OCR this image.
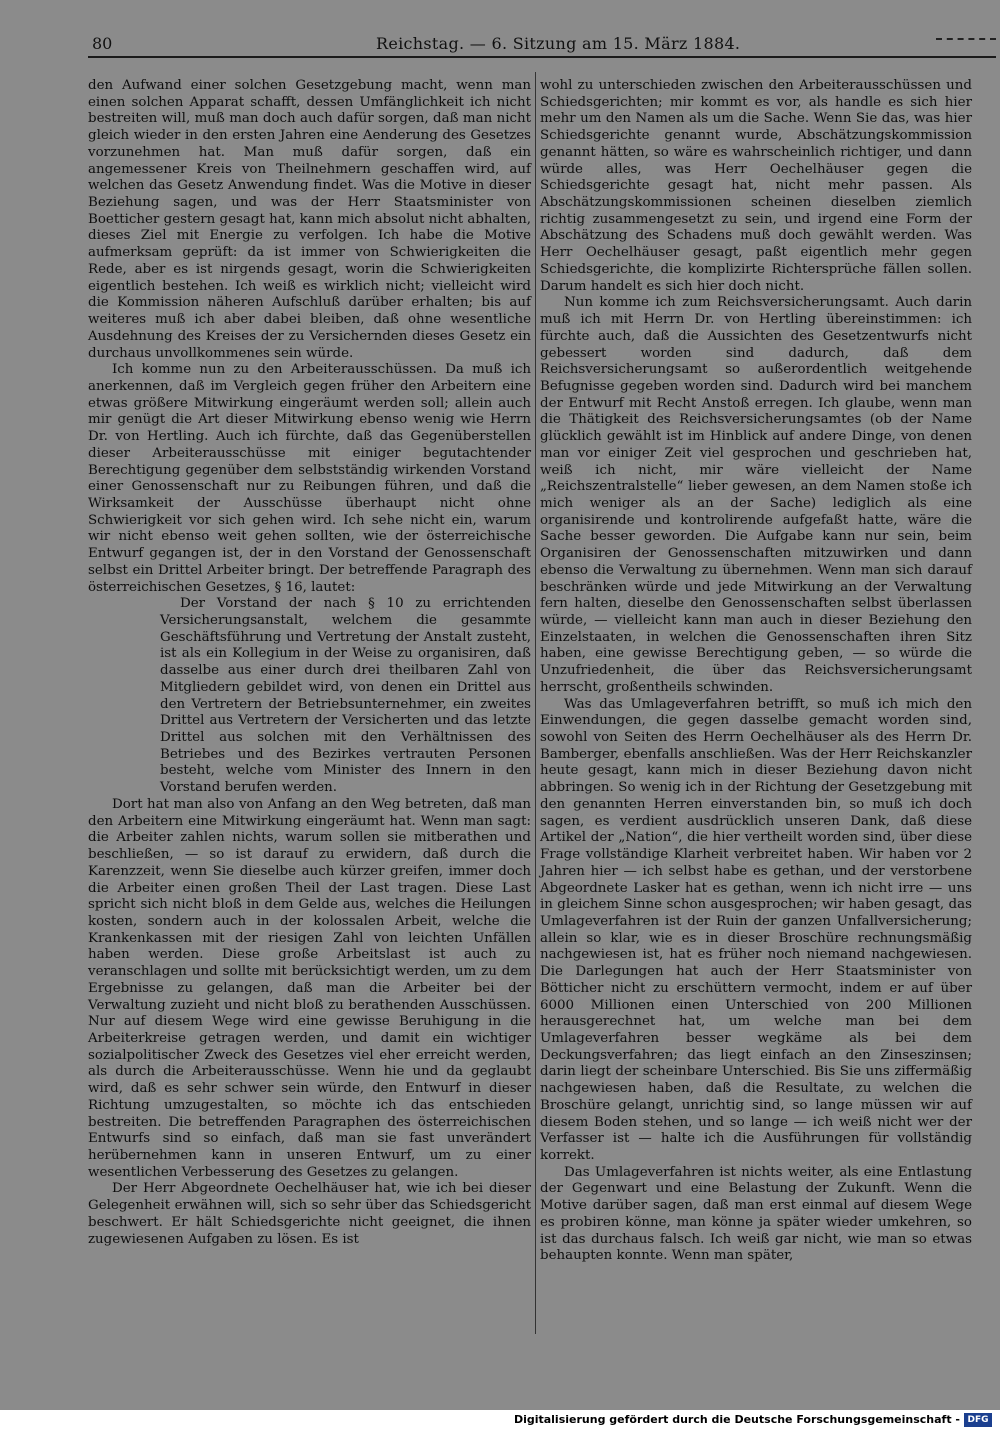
80	Reichstag. — 6. Sitzung am 15. März 1884.

den Aufwand einer solchen Gesetzgebung macht, wenn man einen solchen Apparat schafft, dessen Umfänglichkeit ich nicht bestreiten will, muß man doch auch dafür sorgen, daß man nicht gleich wieder in den ersten Jahren eine Aenderung des Gesetzes vorzunehmen hat. Man muß dafür sorgen, daß ein angemessener Kreis von Theilnehmern geschaffen wird, auf welchen das Gesetz Anwendung findet. Was die Motive in dieser Beziehung sagen, und was der Herr Staatsminister von Boetticher gestern gesagt hat, kann mich absolut nicht abhalten, dieses Ziel mit Energie zu verfolgen. Ich habe die Motive aufmerksam geprüft: da ist immer von Schwierigkeiten die Rede, aber es ist nirgends gesagt, worin die Schwierigkeiten eigentlich bestehen. Ich weiß es wirklich nicht; vielleicht wird die Kommission näheren Aufschluß darüber erhalten; bis auf weiteres muß ich aber dabei bleiben, daß ohne wesentliche Ausdehnung des Kreises der zu Versichernden dieses Gesetz ein durchaus unvollkommenes sein würde.

Ich komme nun zu den Arbeiterausschüssen. Da muß ich anerkennen, daß im Vergleich gegen früher den Arbeitern eine etwas größere Mitwirkung eingeräumt werden soll; allein auch mir genügt die Art dieser Mitwirkung ebenso wenig wie Herrn Dr. von Hertling. Auch ich fürchte, daß das Gegenüberstellen dieser Arbeiterausschüsse mit einiger begutachtender Berechtigung gegenüber dem selbstständig wirkenden Vorstand einer Genossenschaft nur zu Reibungen führen, und daß die Wirksamkeit der Ausschüsse überhaupt nicht ohne Schwierigkeit vor sich gehen wird. Ich sehe nicht ein, warum wir nicht ebenso weit gehen sollten, wie der österreichische Entwurf gegangen ist, der in den Vorstand der Genossenschaft selbst ein Drittel Arbeiter bringt. Der betreffende Paragraph des österreichischen Gesetzes, § 16, lautet:

Der Vorstand der nach § 10 zu errichtenden Versicherungsanstalt, welchem die gesammte Geschäftsführung und Vertretung der Anstalt zusteht, ist als ein Kollegium in der Weise zu organisiren, daß dasselbe aus einer durch drei theilbaren Zahl von Mitgliedern gebildet wird, von denen ein Drittel aus den Vertretern der Betriebsunternehmer, ein zweites Drittel aus Vertretern der Versicherten und das letzte Drittel aus solchen mit den Verhältnissen des Betriebes und des Bezirkes vertrauten Personen besteht, welche vom Minister des Innern in den Vorstand berufen werden.

Dort hat man also von Anfang an den Weg betreten, daß man den Arbeitern eine Mitwirkung eingeräumt hat. Wenn man sagt: die Arbeiter zahlen nichts, warum sollen sie mitberathen und beschließen, — so ist darauf zu erwidern, daß durch die Karenzzeit, wenn Sie dieselbe auch kürzer greifen, immer doch die Arbeiter einen großen Theil der Last tragen. Diese Last spricht sich nicht bloß in dem Gelde aus, welches die Heilungen kosten, sondern auch in der kolossalen Arbeit, welche die Krankenkassen mit der riesigen Zahl von leichten Unfällen haben werden. Diese große Arbeitslast ist auch zu veranschlagen und sollte mit berücksichtigt werden, um zu dem Ergebnisse zu gelangen, daß man die Arbeiter bei der Verwaltung zuzieht und nicht bloß zu berathenden Ausschüssen. Nur auf diesem Wege wird eine gewisse Beruhigung in die Arbeiterkreise getragen werden, und damit ein wichtiger sozialpolitischer Zweck des Gesetzes viel eher erreicht werden, als durch die Arbeiterausschüsse. Wenn hie und da geglaubt wird, daß es sehr schwer sein würde, den Entwurf in dieser Richtung umzugestalten, so möchte ich das entschieden bestreiten. Die betreffenden Paragraphen des österreichischen Entwurfs sind so einfach, daß man sie fast unverändert herübernehmen kann in unseren Entwurf, um zu einer wesentlichen Verbesserung des Gesetzes zu gelangen.

Der Herr Abgeordnete Oechelhäuser hat, wie ich bei dieser Gelegenheit erwähnen will, sich so sehr über das Schiedsgericht beschwert. Er hält Schiedsgerichte nicht geeignet, die ihnen zugewiesenen Aufgaben zu lösen. Es ist

wohl zu unterschieden zwischen den Arbeiterausschüssen und Schiedsgerichten; mir kommt es vor, als handle es sich hier mehr um den Namen als um die Sache. Wenn Sie das, was hier Schiedsgerichte genannt wurde, Abschätzungskommission genannt hätten, so wäre es wahrscheinlich richtiger, und dann würde alles, was Herr Oechelhäuser gegen die Schiedsgerichte gesagt hat, nicht mehr passen. Als Abschätzungskommissionen scheinen dieselben ziemlich richtig zusammengesetzt zu sein, und irgend eine Form der Abschätzung des Schadens muß doch gewählt werden. Was Herr Oechelhäuser gesagt, paßt eigentlich mehr gegen Schiedsgerichte, die komplizirte Richtersprüche fällen sollen. Darum handelt es sich hier doch nicht.

Nun komme ich zum Reichsversicherungsamt. Auch darin muß ich mit Herrn Dr. von Hertling übereinstimmen: ich fürchte auch, daß die Aussichten des Gesetzentwurfs nicht gebessert worden sind dadurch, daß dem Reichsversicherungsamt so außerordentlich weitgehende Befugnisse gegeben worden sind. Dadurch wird bei manchem der Entwurf mit Recht Anstoß erregen. Ich glaube, wenn man die Thätigkeit des Reichsversicherungsamtes (ob der Name glücklich gewählt ist im Hinblick auf andere Dinge, von denen man vor einiger Zeit viel gesprochen und geschrieben hat, weiß ich nicht, mir wäre vielleicht der Name „Reichszentralstelle“ lieber gewesen, an dem Namen stoße ich mich weniger als an der Sache) lediglich als eine organisirende und kontrolirende aufgefaßt hatte, wäre die Sache besser geworden. Die Aufgabe kann nur sein, beim Organisiren der Genossenschaften mitzuwirken und dann ebenso die Verwaltung zu übernehmen. Wenn man sich darauf beschränken würde und jede Mitwirkung an der Verwaltung fern halten, dieselbe den Genossenschaften selbst überlassen würde, — vielleicht kann man auch in dieser Beziehung den Einzelstaaten, in welchen die Genossenschaften ihren Sitz haben, eine gewisse Berechtigung geben, — so würde die Unzufriedenheit, die über das Reichsversicherungsamt herrscht, großentheils schwinden.

Was das Umlageverfahren betrifft, so muß ich mich den Einwendungen, die gegen dasselbe gemacht worden sind, sowohl von Seiten des Herrn Oechelhäuser als des Herrn Dr. Bamberger, ebenfalls anschließen. Was der Herr Reichskanzler heute gesagt, kann mich in dieser Beziehung davon nicht abbringen. So wenig ich in der Richtung der Gesetzgebung mit den genannten Herren einverstanden bin, so muß ich doch sagen, es verdient ausdrücklich unseren Dank, daß diese Artikel der „Nation“, die hier vertheilt worden sind, über diese Frage vollständige Klarheit verbreitet haben. Wir haben vor 2 Jahren hier — ich selbst habe es gethan, und der verstorbene Abgeordnete Lasker hat es gethan, wenn ich nicht irre — uns in gleichem Sinne schon ausgesprochen; wir haben gesagt, das Umlageverfahren ist der Ruin der ganzen Unfallversicherung; allein so klar, wie es in dieser Broschüre rechnungsmäßig nachgewiesen ist, hat es früher noch niemand nachgewiesen. Die Darlegungen hat auch der Herr Staatsminister von Bötticher nicht zu erschüttern vermocht, indem er auf über 6000 Millionen einen Unterschied von 200 Millionen herausgerechnet hat, um welche man bei dem Umlageverfahren besser wegkäme als bei dem Deckungsverfahren; das liegt einfach an den Zinseszinsen; darin liegt der scheinbare Unterschied. Bis Sie uns ziffermäßig nachgewiesen haben, daß die Resultate, zu welchen die Broschüre gelangt, unrichtig sind, so lange müssen wir auf diesem Boden stehen, und so lange — ich weiß nicht wer der Verfasser ist — halte ich die Ausführungen für vollständig korrekt.

Das Umlageverfahren ist nichts weiter, als eine Entlastung der Gegenwart und eine Belastung der Zukunft. Wenn die Motive darüber sagen, daß man erst einmal auf diesem Wege es probiren könne, man könne ja später wieder umkehren, so ist das durchaus falsch. Ich weiß gar nicht, wie man so etwas behaupten konnte. Wenn man später,

Digitalisierung gefördert durch die Deutsche Forschungsgemeinschaft - DFG
